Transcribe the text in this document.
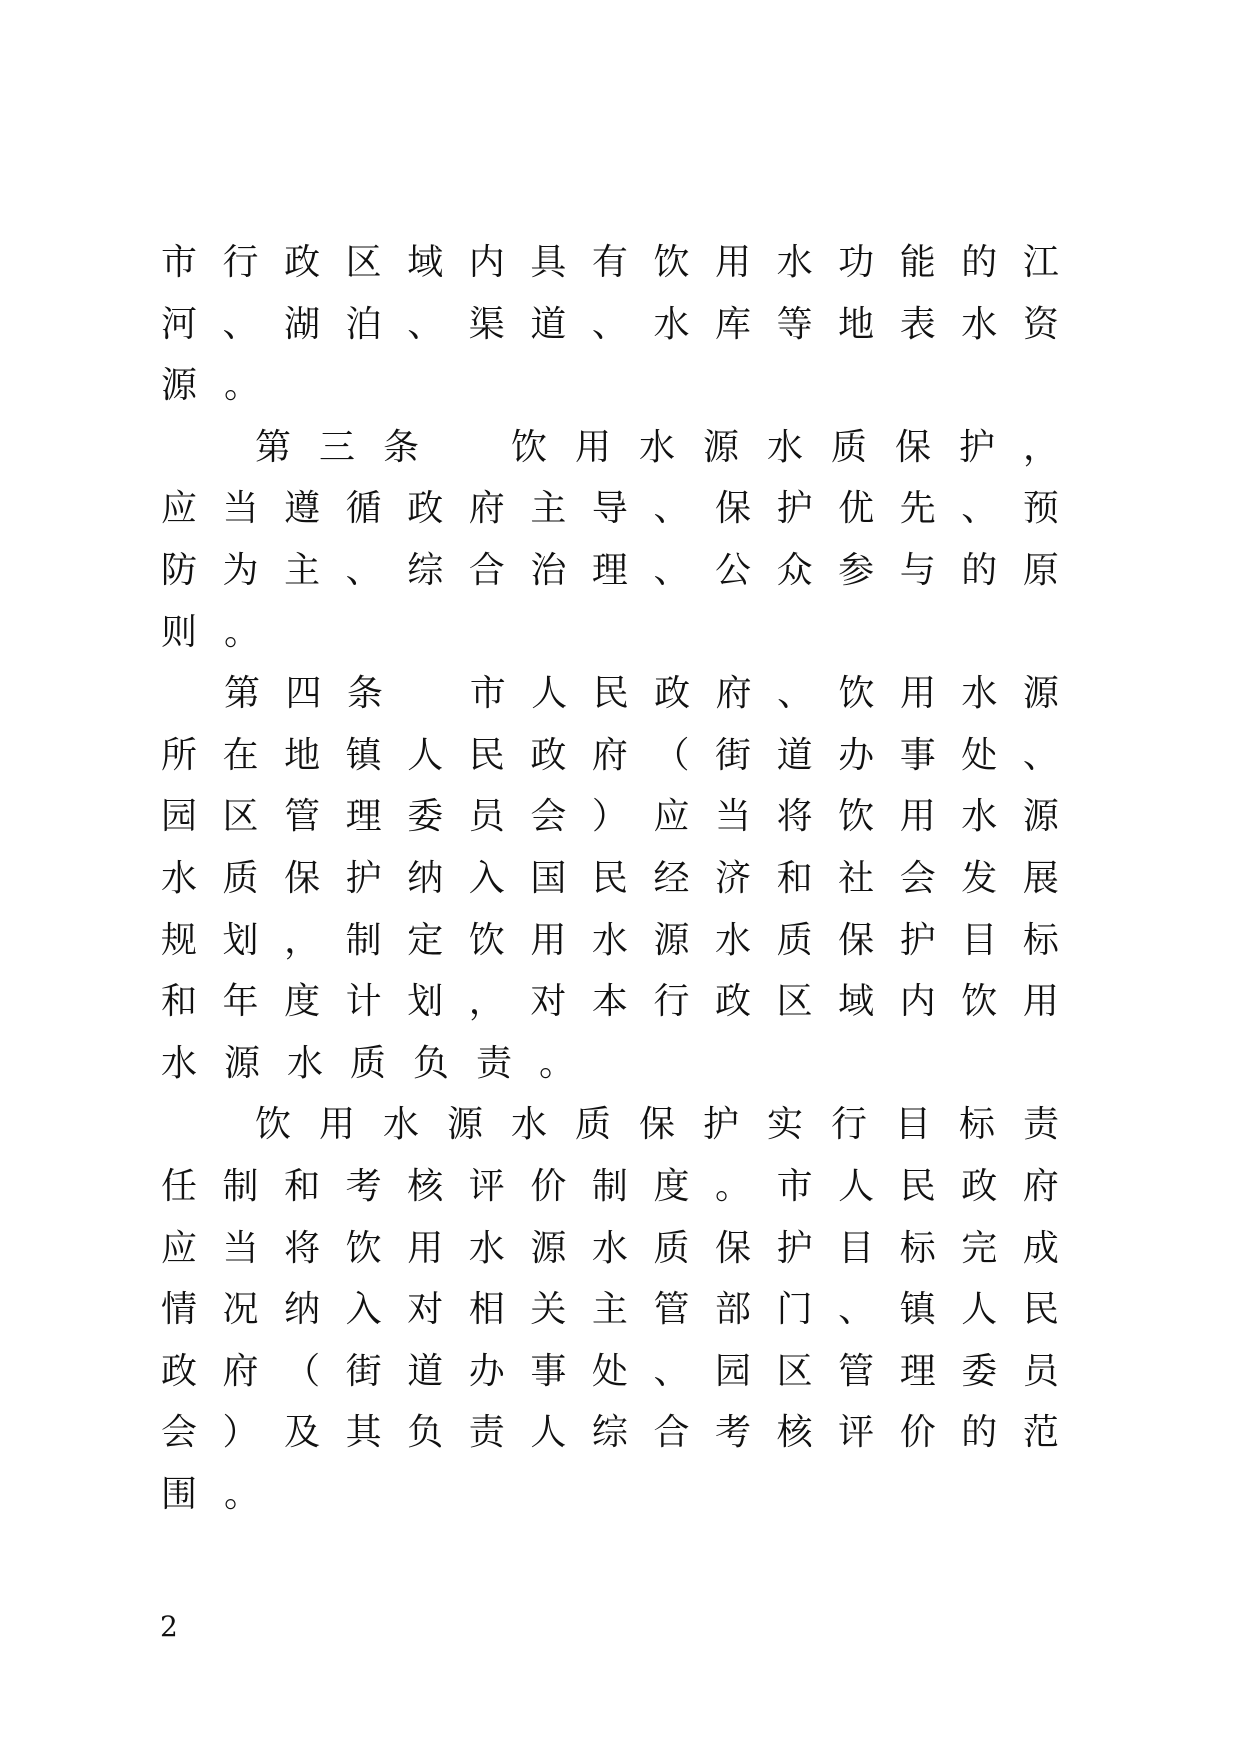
市 行 政 区 域 内 具 有 饮 用 水 功 能 的 江
河 、 湖 泊 、 渠 道 、 水 库 等 地 表 水 资
源 。
第 三 条
　	饮 用 水 源 水 质 保 护 ，
应 当 遵 循 政 府 主 导 、 保 护 优 先 、 预
防 为 主 、 综 合 治 理 、 公 众 参 与 的 原
则 。
第 四 条
　 市 人 民 政 府 、 饮 用 水 源
所 在 地 镇 人 民 政 府 （ 街 道 办 事 处 、
园 区 管 理 委 员 会 ） 应 当 将 饮 用 水 源
水 质 保 护 纳 入 国 民 经 济 和 社 会 发 展
规 划 ， 制 定 饮 用 水 源 水 质 保 护 目 标
和 年 度 计 划 ， 对 本 行 政 区 域 内 饮 用
水 源 水 质 负 责 。
饮 用 水 源 水 质 保 护 实 行 目 标 责
任 制 和 考 核 评 价 制 度 。 市 人 民 政 府
应 当 将 饮 用 水 源 水 质 保 护 目 标 完 成
情 况 纳 入 对 相 关 主 管 部 门 、 镇 人 民
政 府 （ 街 道 办 事 处 、 园 区 管 理 委 员
会 ） 及 其 负 责 人 综 合 考 核 评 价 的 范
围 。
2
